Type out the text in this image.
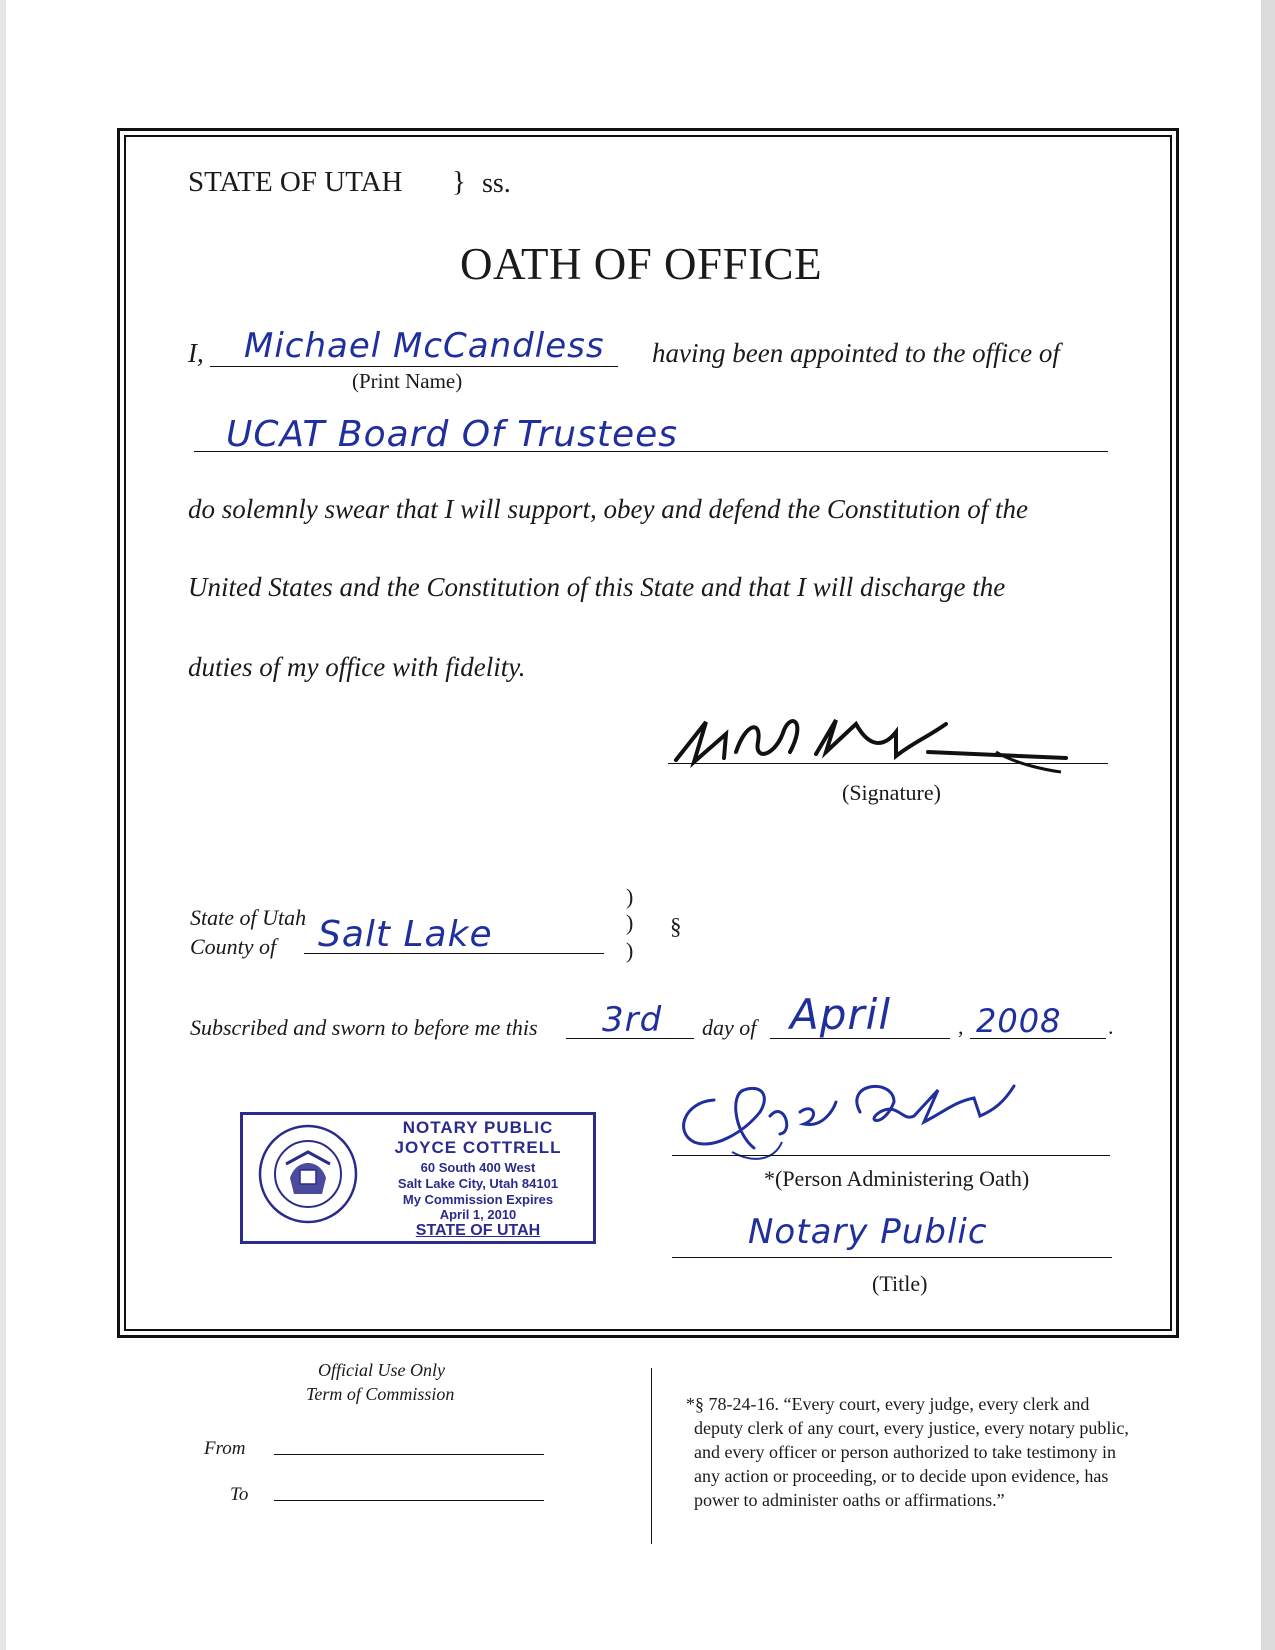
STATE OF UTAH } ss.
OATH OF OFFICE
I, Michael McCandless
(Print Name)
having been appointed to the office of
UCAT Board Of Trustees
do solemnly swear that I will support, obey and defend the Constitution of the
United States and the Constitution of this State and that I will discharge the
duties of my office with fidelity.
(Signature)
State of Utah
County of Salt Lake
)
)
)
§
Subscribed and sworn to before me this 3rd day of April	, 2008 .
NOTARY PUBLIC
JOYCE COTTRELL
60 South 400 West
Salt Lake City, Utah 84101
My Commission Expires
April 1, 2010
STATE OF UTAH
*(Person Administering Oath)
Notary Public
(Title)
Official Use Only
Term of Commission
From
To
*§ 78-24-16. “Every court, every judge, every clerk and
deputy clerk of any court, every justice, every notary public,
and every officer or person authorized to take testimony in
any action or proceeding, or to decide upon evidence, has
power to administer oaths or affirmations.”
